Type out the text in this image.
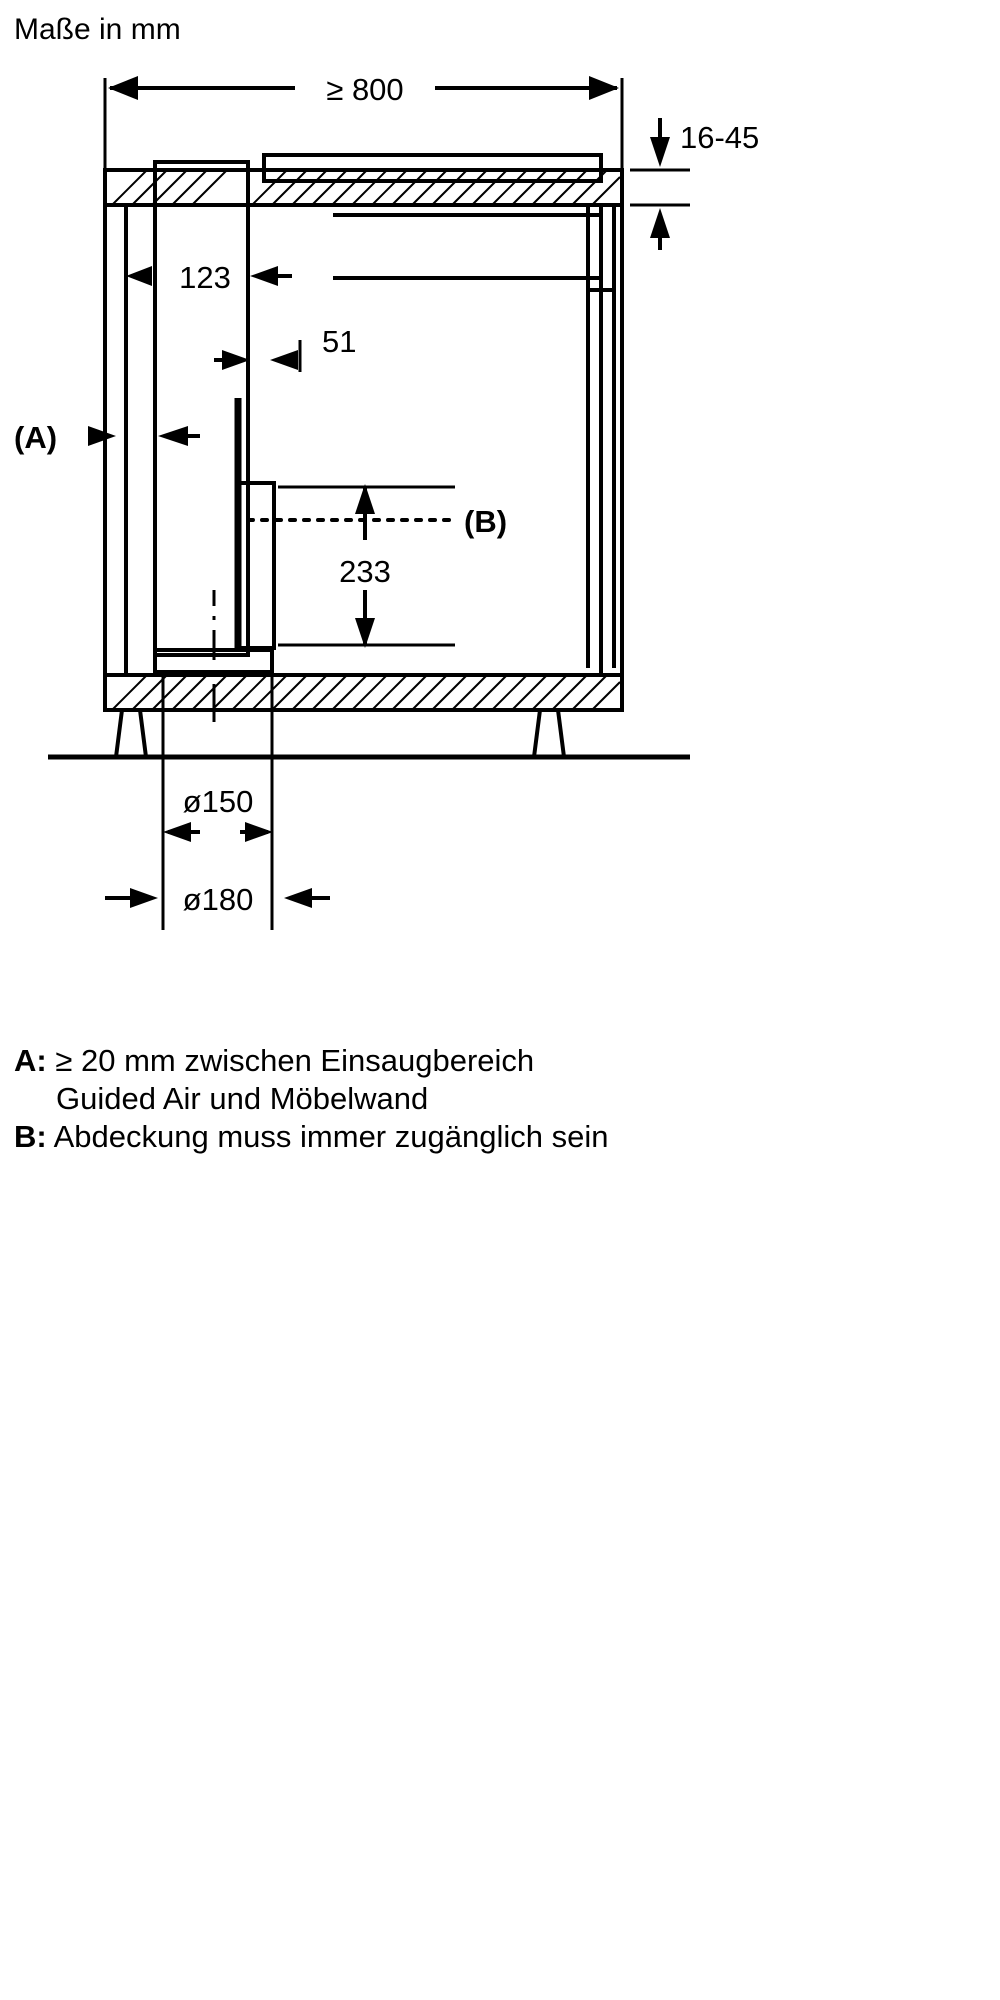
Maße in mm
≥ 800
16-45
123
51
(A)
(B)
233
ø150
ø180
A: ≥ 20 mm zwischen Einsaugbereich
Guided Air und Möbelwand
B: Abdeckung muss immer zugänglich sein
